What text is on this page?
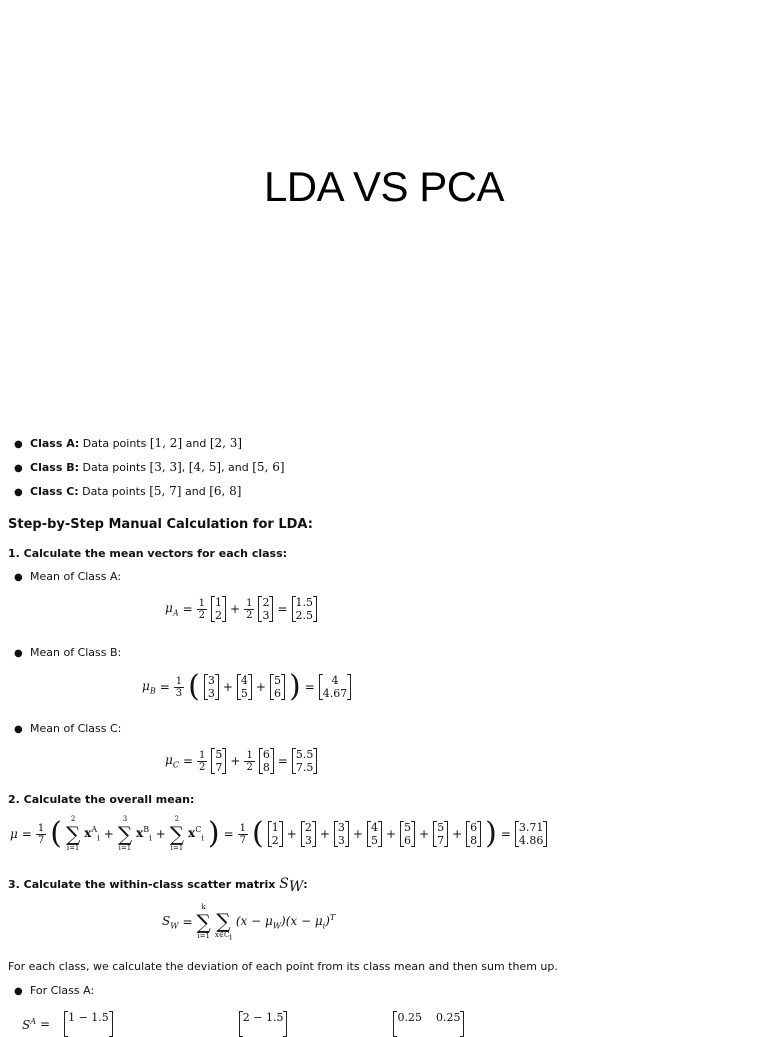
LDA VS PCA
● Class A: Data points [1, 2] and [2, 3]
● Class B: Data points [3, 3], [4, 5], and [5, 6]
● Class C: Data points [5, 7] and [6, 8]
Step-by-Step Manual Calculation for LDA:
1. Calculate the mean vectors for each class:
● Mean of Class A:
$\mu_A = \frac{1}{2} 1$
$2 + \frac{1}{2} 2$
3 = 1.5
2.5
● Mean of Class B:
$\mu_B = \frac{1}{3}$ ( 3
3 + 4
5 + 5
6 ) = 4
4.67
● Mean of Class C:
$\mu_C = \frac{1}{2} 5$
$7 + \frac{1}{2} 6$
8 = 5.5
7.5
2. Calculate the overall mean:
$\mu = \frac{1}{7}$ ( 2
∑
i=1
$x^A_i$ +
3
∑
i=1
$x^B_i$ +
2
∑
i=1
$x^C_i$ ) = $\frac{1}{7}$ ( 1
2 + 2
3 + 3
3 + 4
5 + 5
6 + 5
7 + 6
8 ) = 3.71
4.86
3. Calculate the within-class scatter matrix $S_W$:
$S_W$ =
k
∑
i=1

∑
$x\in C_i$
$(x - \mu_W)(x - \mu_i)^T$
For each class, we calculate the deviation of each point from its class mean and then sum them up.
● For Class A:
$S^A = 1 - 1.5$
	2 − 1.5
	0.25 0.25
